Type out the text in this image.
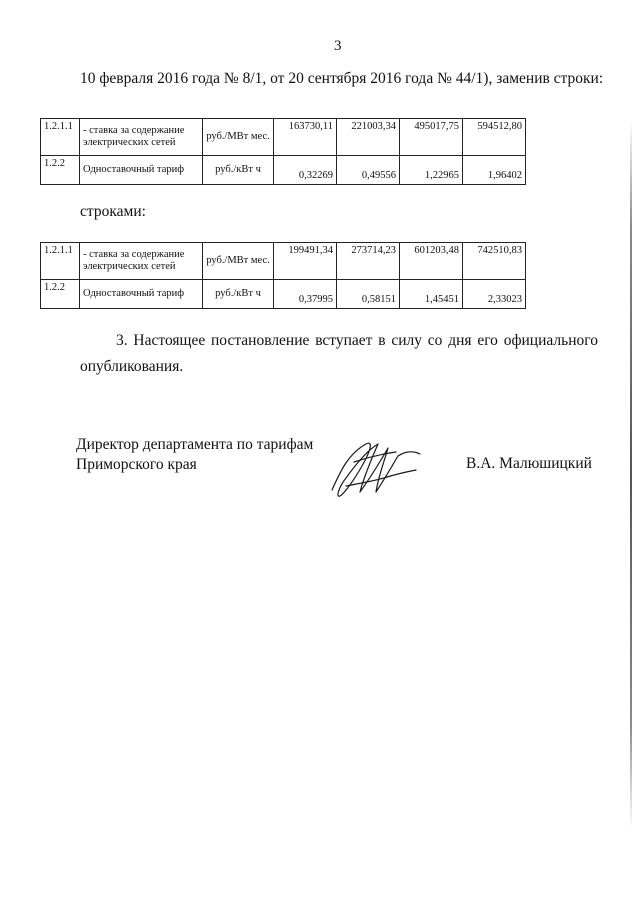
3
10 февраля 2016 года № 8/1, от 20 сентября 2016 года № 44/1), заменив строки:
1.2.1.1	- ставка за содержание электрических сетей	руб./МВт мес.	163730,11	221003,34	495017,75	594512,80
1.2.2	Одноставочный тариф	руб./кВт ч	0,32269	0,49556	1,22965	1,96402
строками:
1.2.1.1	- ставка за содержание электрических сетей	руб./МВт мес.	199491,34	273714,23	601203,48	742510,83
1.2.2	Одноставочный тариф	руб./кВт ч	0,37995	0,58151	1,45451	2,33023
3. Настоящее постановление вступает в силу со дня его официального
опубликования.
Директор департамента по тарифам
Приморского края	В.А. Малюшицкий
